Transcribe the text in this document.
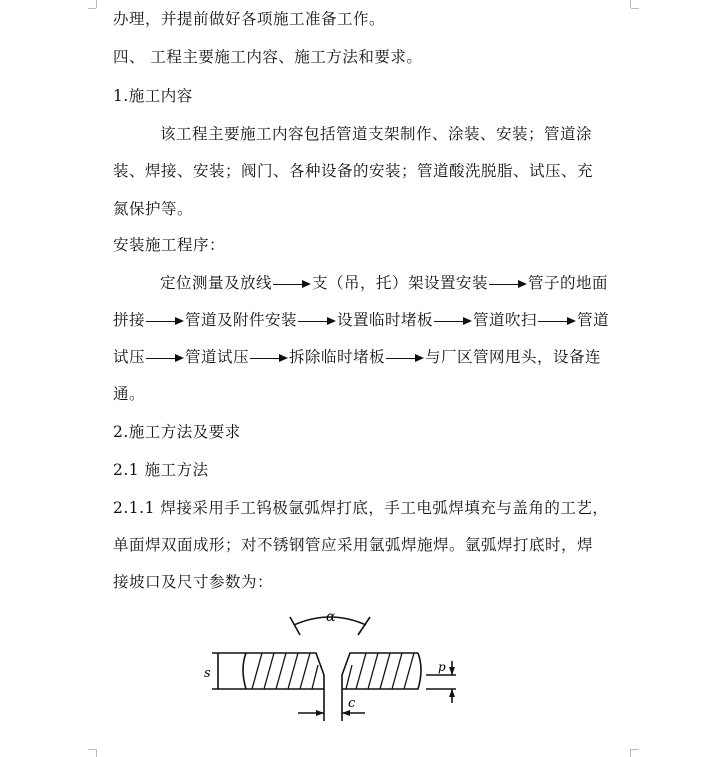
办理，并提前做好各项施工准备工作。
四、 工程主要施工内容、施工方法和要求。
1.施工内容
该工程主要施工内容包括管道支架制作、涂装、安装；管道涂
装、焊接、安装；阀门、各种设备的安装；管道酸洗脱脂、试压、充
氮保护等。
安装施工程序：
定位测量及放线	支（吊，托）架设置安装	管子的地面
拼接	管道及附件安装	设置临时堵板	管道吹扫	管道
试压	管道试压	拆除临时堵板	与厂区管网甩头，设备连
通。
2.施工方法及要求
2.1 施工方法
2.1.1 焊接采用手工钨极氩弧焊打底，手工电弧焊填充与盖角的工艺，
单面焊双面成形；对不锈钢管应采用氩弧焊施焊。氩弧焊打底时，焊
接坡口及尺寸参数为：
α
s
c
p
